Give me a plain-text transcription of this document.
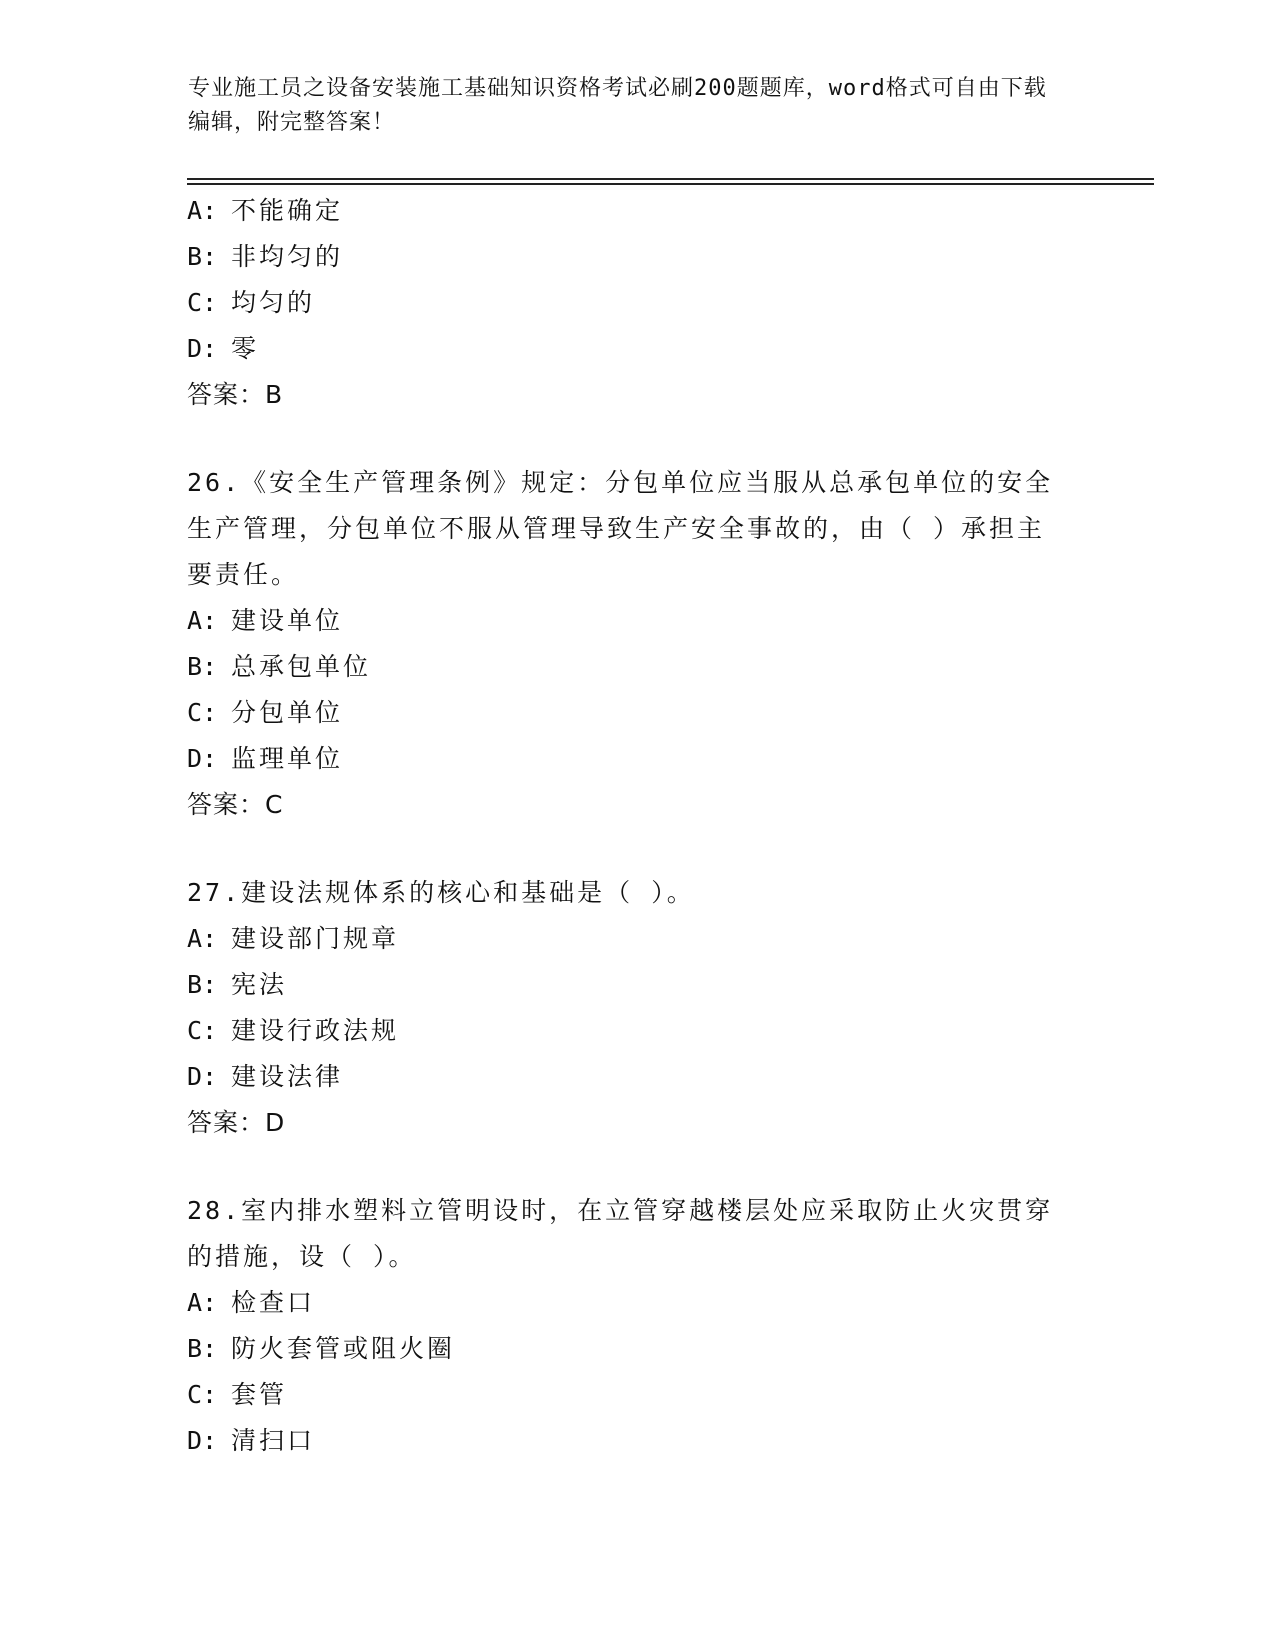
专业施工员之设备安装施工基础知识资格考试必刷200题题库，word格式可自由下载编辑，附完整答案！
A: 不能确定
B: 非均匀的
C: 均匀的
D: 零
答案：B
26.《安全生产管理条例》规定：分包单位应当服从总承包单位的安全生产管理，分包单位不服从管理导致生产安全事故的，由（ ）承担主要责任。
A: 建设单位
B: 总承包单位
C: 分包单位
D: 监理单位
答案：C
27.建设法规体系的核心和基础是（ ）。
A: 建设部门规章
B: 宪法
C: 建设行政法规
D: 建设法律
答案：D
28.室内排水塑料立管明设时，在立管穿越楼层处应采取防止火灾贯穿的措施，设（ ）。
A: 检查口
B: 防火套管或阻火圈
C: 套管
D: 清扫口
